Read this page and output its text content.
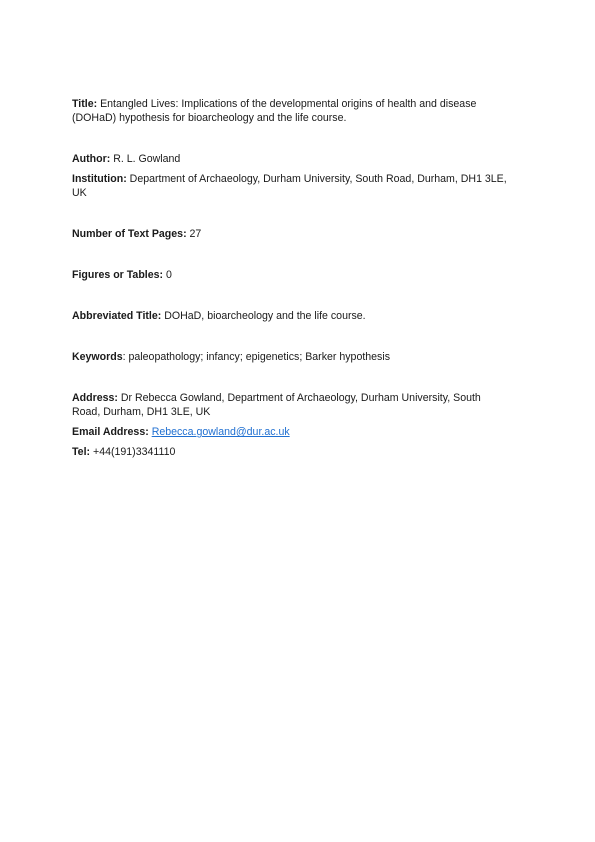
Title: Entangled Lives: Implications of the developmental origins of health and disease (DOHaD) hypothesis for bioarcheology and the life course.

Author: R. L. Gowland

Institution: Department of Archaeology, Durham University, South Road, Durham, DH1 3LE, UK

Number of Text Pages: 27

Figures or Tables: 0

Abbreviated Title: DOHaD, bioarcheology and the life course.

Keywords: paleopathology; infancy; epigenetics; Barker hypothesis

Address: Dr Rebecca Gowland, Department of Archaeology, Durham University, South Road, Durham, DH1 3LE, UK

Email Address: Rebecca.gowland@dur.ac.uk

Tel: +44(191)3341110
